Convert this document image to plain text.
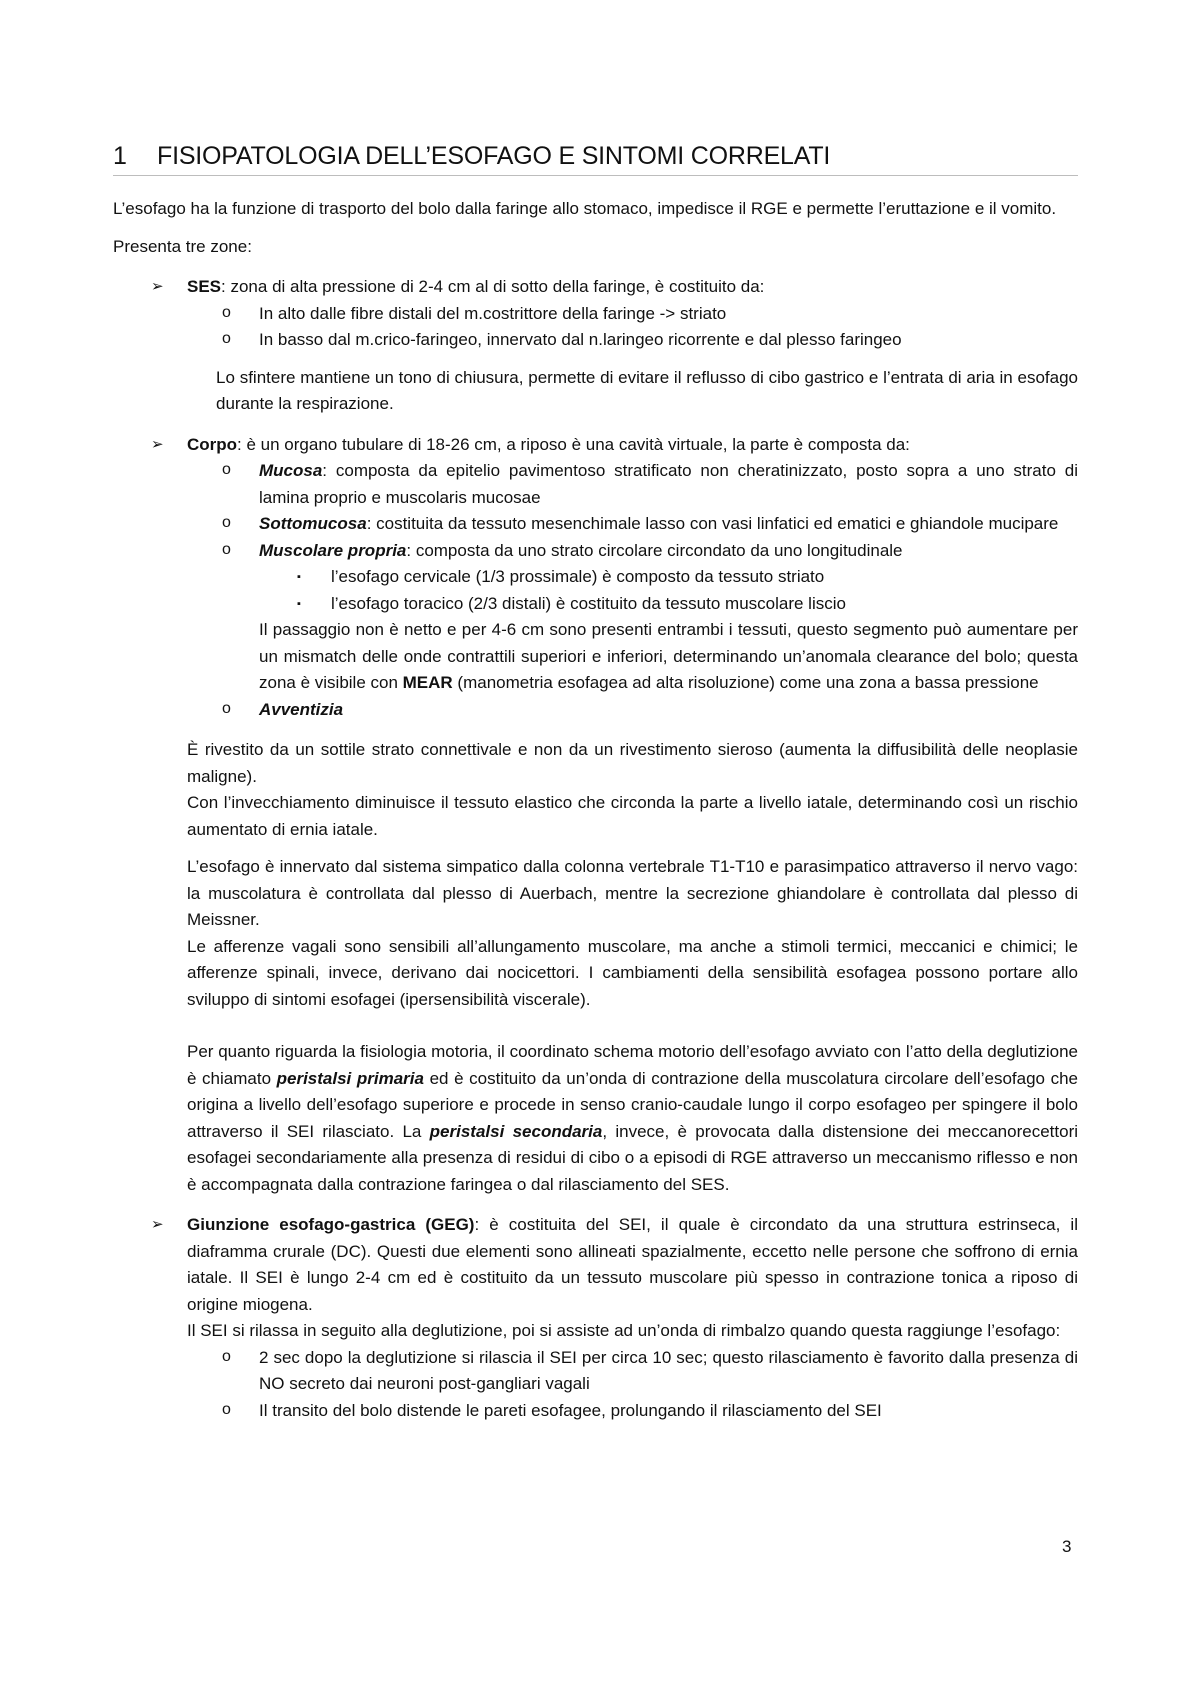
1 FISIOPATOLOGIA DELL’ESOFAGO E SINTOMI CORRELATI

L’esofago ha la funzione di trasporto del bolo dalla faringe allo stomaco, impedisce il RGE e permette l’eruttazione e il vomito.

Presenta tre zone:

➢ SES: zona di alta pressione di 2-4 cm al di sotto della faringe, è costituito da:
o In alto dalle fibre distali del m.costrittore della faringe -> striato
o In basso dal m.crico-faringeo, innervato dal n.laringeo ricorrente e dal plesso faringeo

Lo sfintere mantiene un tono di chiusura, permette di evitare il reflusso di cibo gastrico e l’entrata di aria in esofago durante la respirazione.

➢ Corpo: è un organo tubulare di 18-26 cm, a riposo è una cavità virtuale, la parte è composta da:
o Mucosa: composta da epitelio pavimentoso stratificato non cheratinizzato, posto sopra a uno strato di lamina proprio e muscolaris mucosae
o Sottomucosa: costituita da tessuto mesenchimale lasso con vasi linfatici ed ematici e ghiandole mucipare
o Muscolare propria: composta da uno strato circolare circondato da uno longitudinale
▪ l’esofago cervicale (1/3 prossimale) è composto da tessuto striato
▪ l’esofago toracico (2/3 distali) è costituito da tessuto muscolare liscio

Il passaggio non è netto e per 4-6 cm sono presenti entrambi i tessuti, questo segmento può aumentare per un mismatch delle onde contrattili superiori e inferiori, determinando un’anomala clearance del bolo; questa zona è visibile con MEAR (manometria esofagea ad alta risoluzione) come una zona a bassa pressione

o Avventizia

È rivestito da un sottile strato connettivale e non da un rivestimento sieroso (aumenta la diffusibilità delle neoplasie maligne).

Con l’invecchiamento diminuisce il tessuto elastico che circonda la parte a livello iatale, determinando così un rischio aumentato di ernia iatale.

L’esofago è innervato dal sistema simpatico dalla colonna vertebrale T1-T10 e parasimpatico attraverso il nervo vago: la muscolatura è controllata dal plesso di Auerbach, mentre la secrezione ghiandolare è controllata dal plesso di Meissner.

Le afferenze vagali sono sensibili all’allungamento muscolare, ma anche a stimoli termici, meccanici e chimici; le afferenze spinali, invece, derivano dai nocicettori. I cambiamenti della sensibilità esofagea possono portare allo sviluppo di sintomi esofagei (ipersensibilità viscerale).

Per quanto riguarda la fisiologia motoria, il coordinato schema motorio dell’esofago avviato con l’atto della deglutizione è chiamato peristalsi primaria ed è costituito da un’onda di contrazione della muscolatura circolare dell’esofago che origina a livello dell’esofago superiore e procede in senso cranio-caudale lungo il corpo esofageo per spingere il bolo attraverso il SEI rilasciato. La peristalsi secondaria, invece, è provocata dalla distensione dei meccanorecettori esofagei secondariamente alla presenza di residui di cibo o a episodi di RGE attraverso un meccanismo riflesso e non è accompagnata dalla contrazione faringea o dal rilasciamento del SES.

➢ Giunzione esofago-gastrica (GEG): è costituita del SEI, il quale è circondato da una struttura estrinseca, il diaframma crurale (DC). Questi due elementi sono allineati spazialmente, eccetto nelle persone che soffrono di ernia iatale. Il SEI è lungo 2-4 cm ed è costituito da un tessuto muscolare più spesso in contrazione tonica a riposo di origine miogena.

Il SEI si rilassa in seguito alla deglutizione, poi si assiste ad un’onda di rimbalzo quando questa raggiunge l’esofago:

o 2 sec dopo la deglutizione si rilascia il SEI per circa 10 sec; questo rilasciamento è favorito dalla presenza di NO secreto dai neuroni post-gangliari vagali
o Il transito del bolo distende le pareti esofagee, prolungando il rilasciamento del SEI
3
